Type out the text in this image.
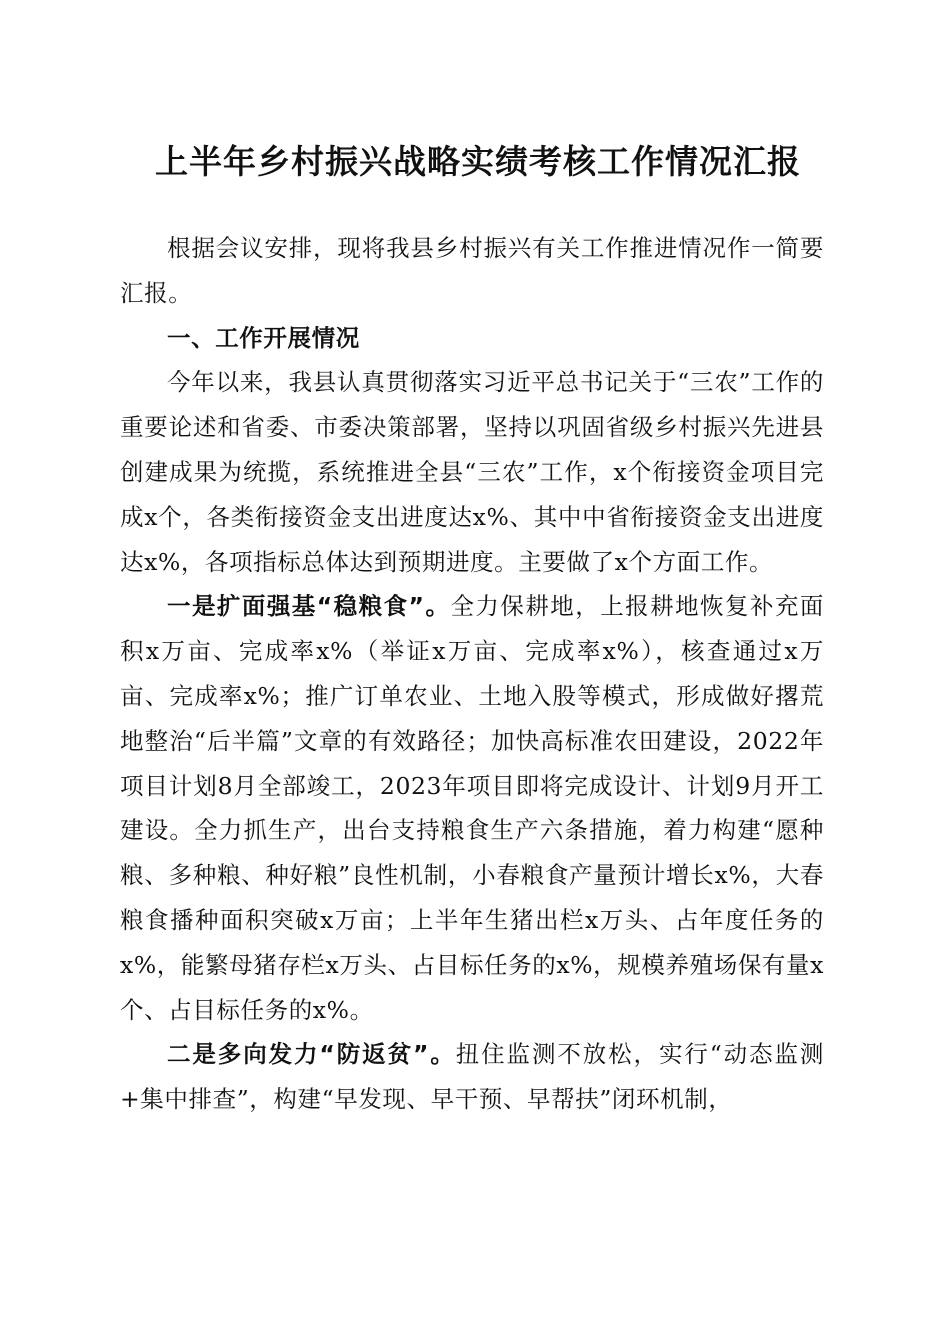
上半年乡村振兴战略实绩考核工作情况汇报

根据会议安排，现将我县乡村振兴有关工作推进情况作一简要汇报。

一、工作开展情况

今年以来，我县认真贯彻落实习近平总书记关于“三农”工作的重要论述和省委、市委决策部署，坚持以巩固省级乡村振兴先进县创建成果为统揽，系统推进全县“三农”工作，x个衔接资金项目完成x个，各类衔接资金支出进度达x%、其中中省衔接资金支出进度达x%，各项指标总体达到预期进度。主要做了x个方面工作。

一是扩面强基“稳粮食”。全力保耕地，上报耕地恢复补充面积x万亩、完成率x%（举证x万亩、完成率x%），核查通过x万亩、完成率x%；推广订单农业、土地入股等模式，形成做好撂荒地整治“后半篇”文章的有效路径；加快高标准农田建设，2022年项目计划8月全部竣工，2023年项目即将完成设计、计划9月开工建设。全力抓生产，出台支持粮食生产六条措施，着力构建“愿种粮、多种粮、种好粮”良性机制，小春粮食产量预计增长x%，大春粮食播种面积突破x万亩；上半年生猪出栏x万头、占年度任务的x%，能繁母猪存栏x万头、占目标任务的x%，规模养殖场保有量x个、占目标任务的x%。

二是多向发力“防返贫”。扭住监测不放松，实行“动态监测+集中排查”，构建“早发现、早干预、早帮扶”闭环机制，
